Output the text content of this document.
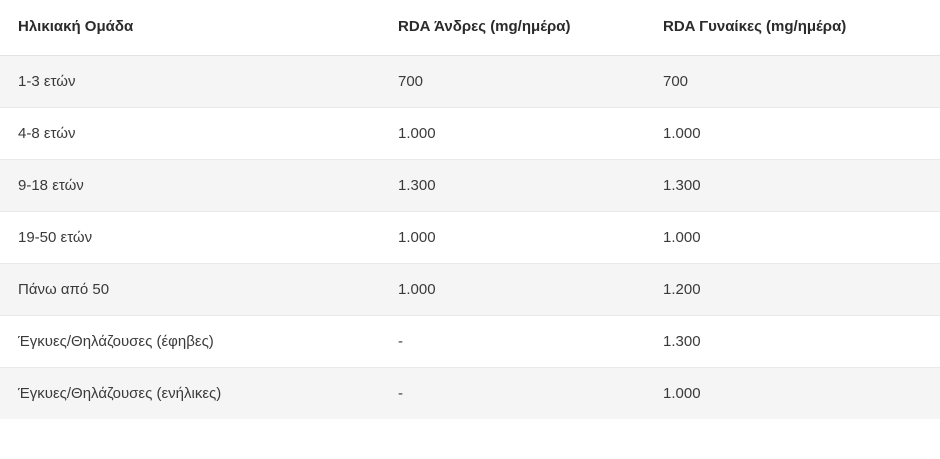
Ηλικιακή Ομάδα	RDA Άνδρες (mg/ημέρα)	RDA Γυναίκες (mg/ημέρα)
1-3 ετών	700	700
4-8 ετών	1.000	1.000
9-18 ετών	1.300	1.300
19-50 ετών	1.000	1.000
Πάνω από 50	1.000	1.200
Έγκυες/Θηλάζουσες (έφηβες)	-	1.300
Έγκυες/Θηλάζουσες (ενήλικες)	-	1.000
